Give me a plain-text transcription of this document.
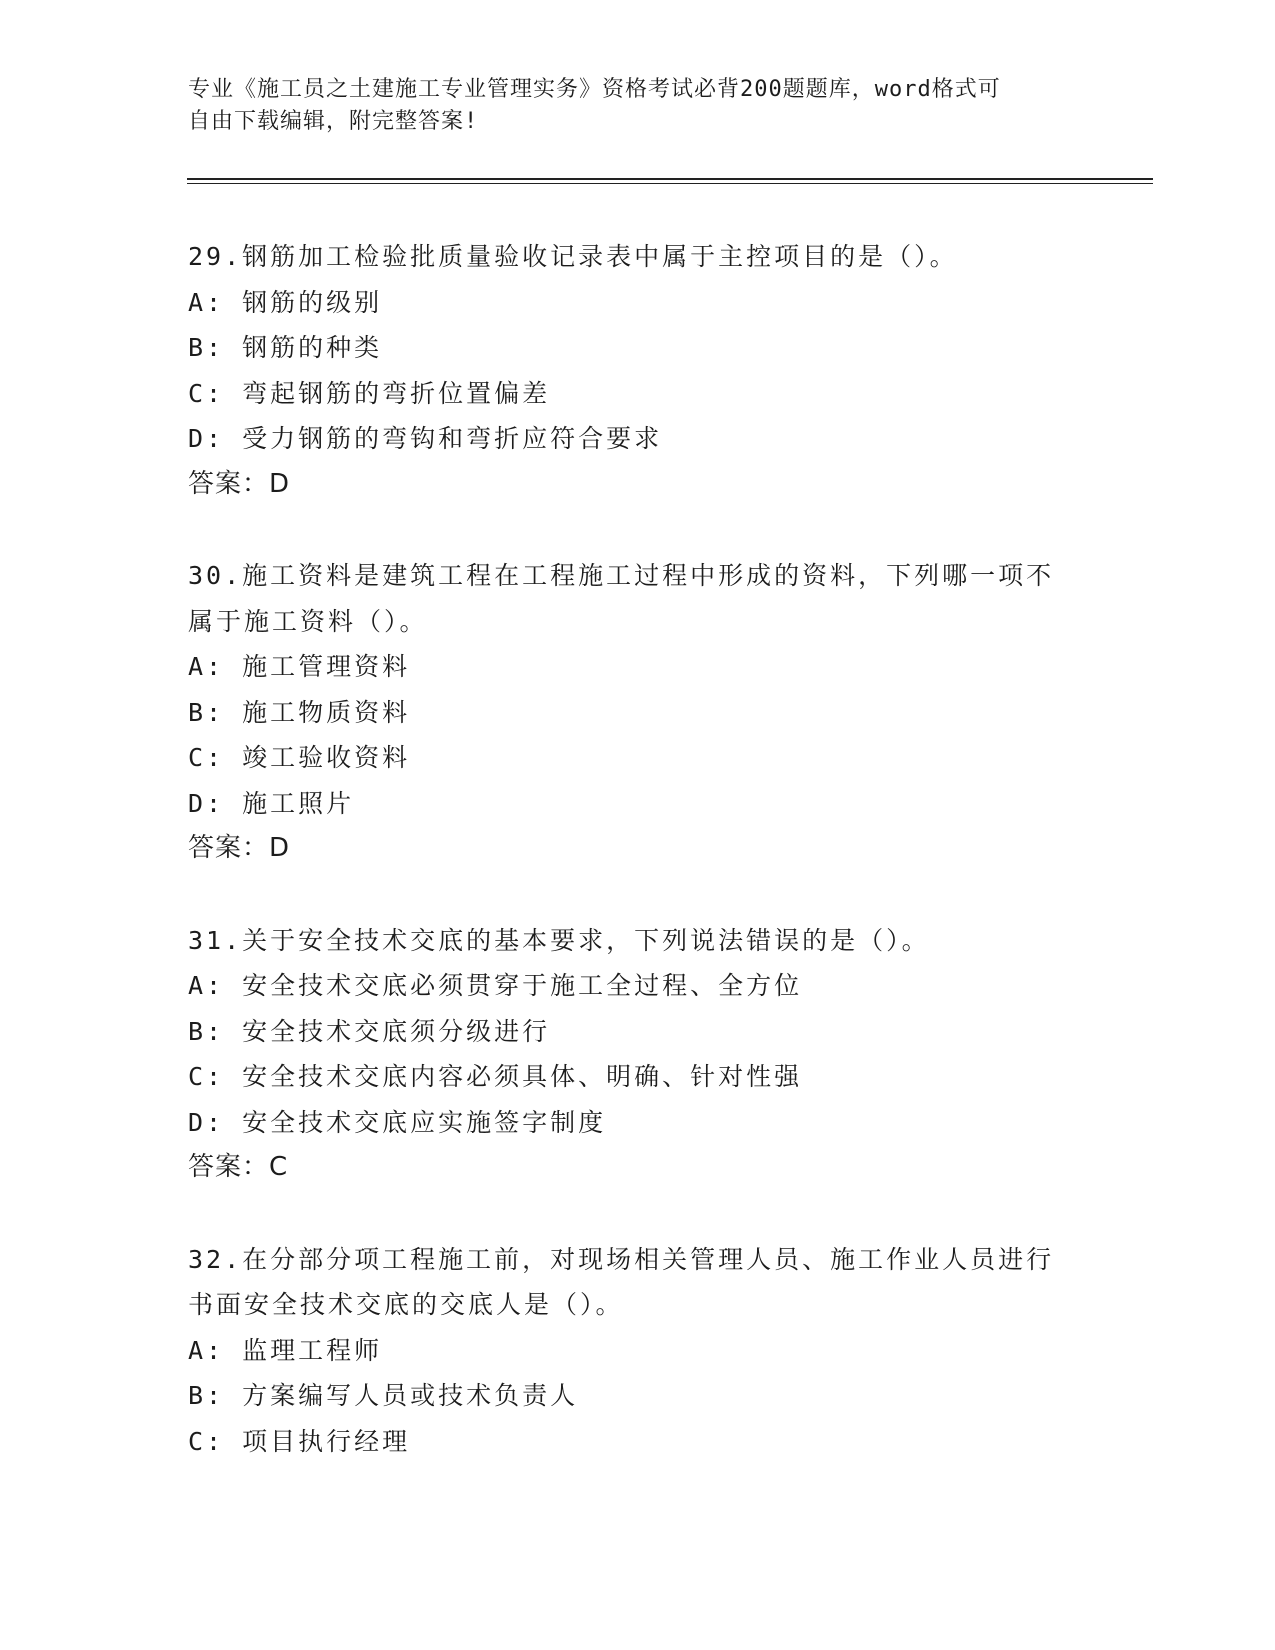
专业《施工员之土建施工专业管理实务》资格考试必背200题题库，word格式可
自由下载编辑，附完整答案!
29.钢筋加工检验批质量验收记录表中属于主控项目的是（）。
A: 钢筋的级别
B: 钢筋的种类
C: 弯起钢筋的弯折位置偏差
D: 受力钢筋的弯钩和弯折应符合要求
答案：D
30.施工资料是建筑工程在工程施工过程中形成的资料，下列哪一项不
属于施工资料（）。
A: 施工管理资料
B: 施工物质资料
C: 竣工验收资料
D: 施工照片
答案：D
31.关于安全技术交底的基本要求，下列说法错误的是（）。
A: 安全技术交底必须贯穿于施工全过程、全方位
B: 安全技术交底须分级进行
C: 安全技术交底内容必须具体、明确、针对性强
D: 安全技术交底应实施签字制度
答案：C
32.在分部分项工程施工前，对现场相关管理人员、施工作业人员进行
书面安全技术交底的交底人是（）。
A: 监理工程师
B: 方案编写人员或技术负责人
C: 项目执行经理
